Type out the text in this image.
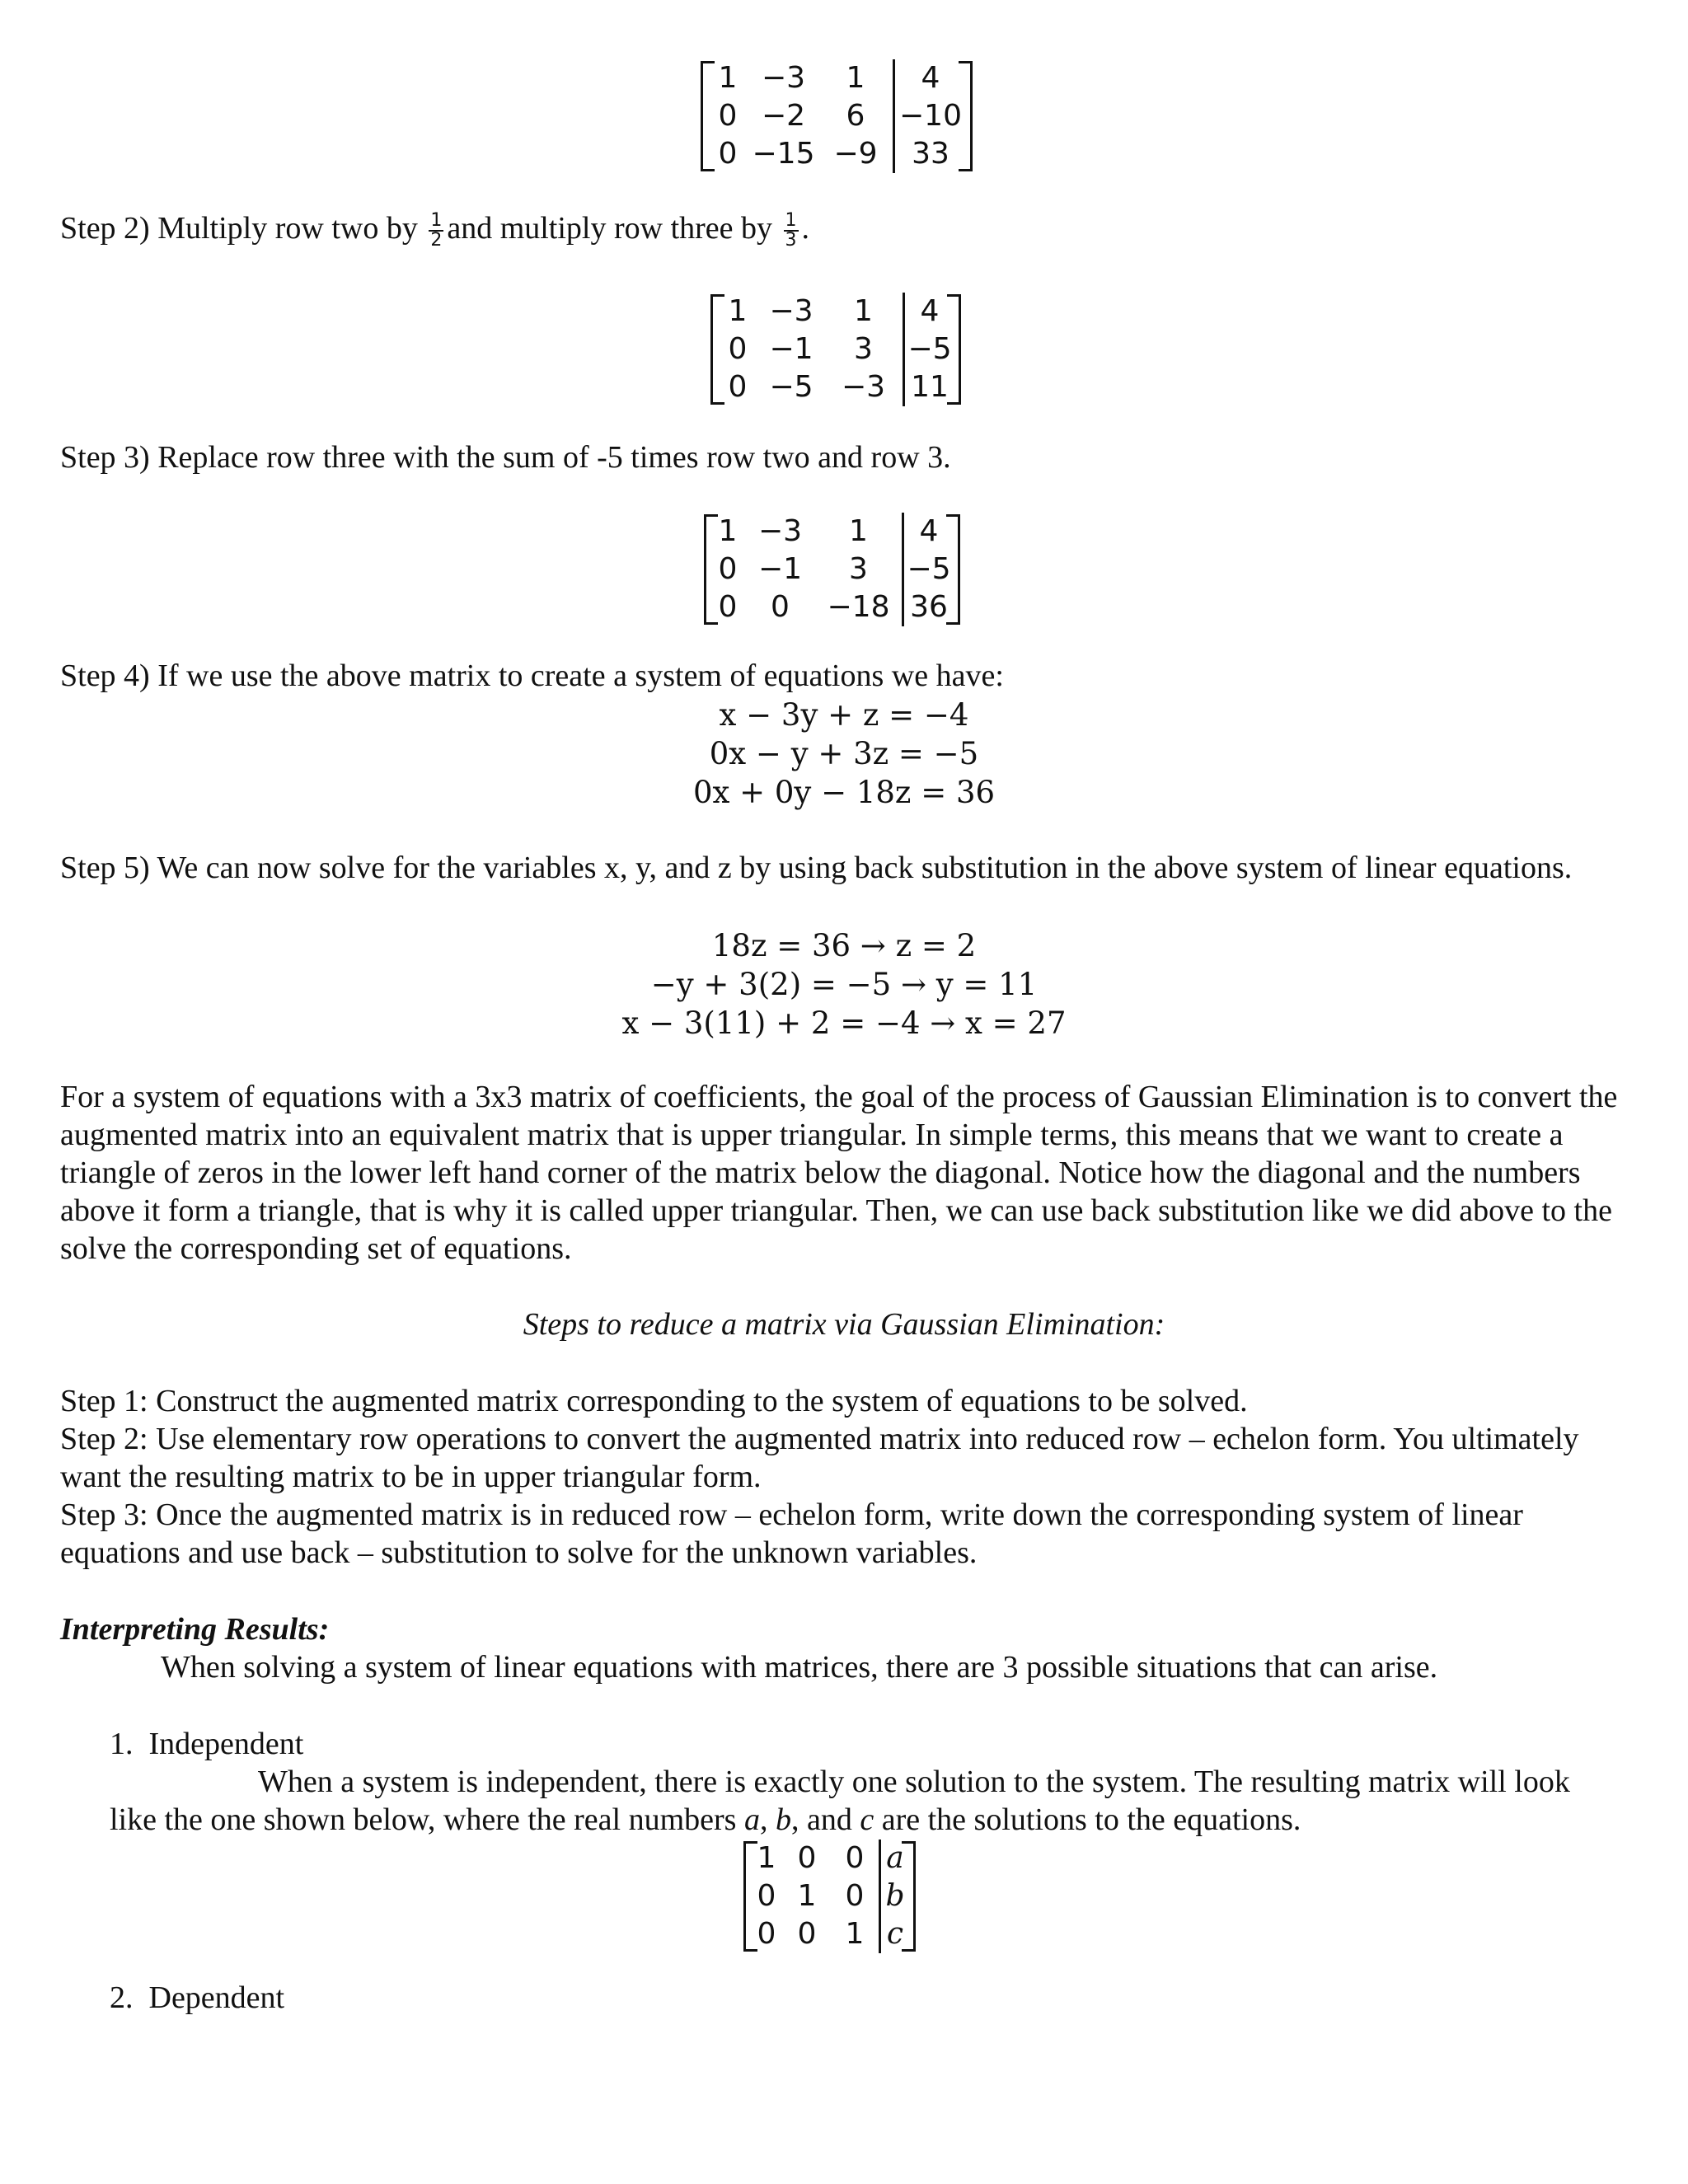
1	−3	1	4
0	−2	6	−10
0	−15	−9	33
Step 2) Multiply row two by $\frac{1}{2}$ and multiply row three by $\frac{1}{3}$ .
1	−3	1	4
0	−1	3	−5
0	−5	−3	11
Step 3) Replace row three with the sum of -5 times row two and row 3.
1	−3	1	4
0	−1	3	−5
0	0	−18	36
Step 4) If we use the above matrix to create a system of equations we have:
x − 3y + z = −4
0x − y + 3z = −5
0x + 0y − 18z = 36
Step 5) We can now solve for the variables x, y, and z by using back substitution in the above system of linear equations.
18z = 36 → z = 2
−y + 3(2) = −5 → y = 11
x − 3(11) + 2 = −4 → x = 27
For a system of equations with a 3x3 matrix of coefficients, the goal of the process of Gaussian Elimination is to convert the augmented matrix into an equivalent matrix that is upper triangular. In simple terms, this means that we want to create a triangle of zeros in the lower left hand corner of the matrix below the diagonal. Notice how the diagonal and the numbers above it form a triangle, that is why it is called upper triangular. Then, we can use back substitution like we did above to the solve the corresponding set of equations.
Steps to reduce a matrix via Gaussian Elimination:
Step 1: Construct the augmented matrix corresponding to the system of equations to be solved.
Step 2: Use elementary row operations to convert the augmented matrix into reduced row – echelon form. You ultimately want the resulting matrix to be in upper triangular form.
Step 3: Once the augmented matrix is in reduced row – echelon form, write down the corresponding system of linear equations and use back – substitution to solve for the unknown variables.
Interpreting Results:
When solving a system of linear equations with matrices, there are 3 possible situations that can arise.
1. Independent
When a system is independent, there is exactly one solution to the system. The resulting matrix will look like the one shown below, where the real numbers a, b, and c are the solutions to the equations.
1	0	0	a
0	1	0	b
0	0	1	c
2. Dependent
